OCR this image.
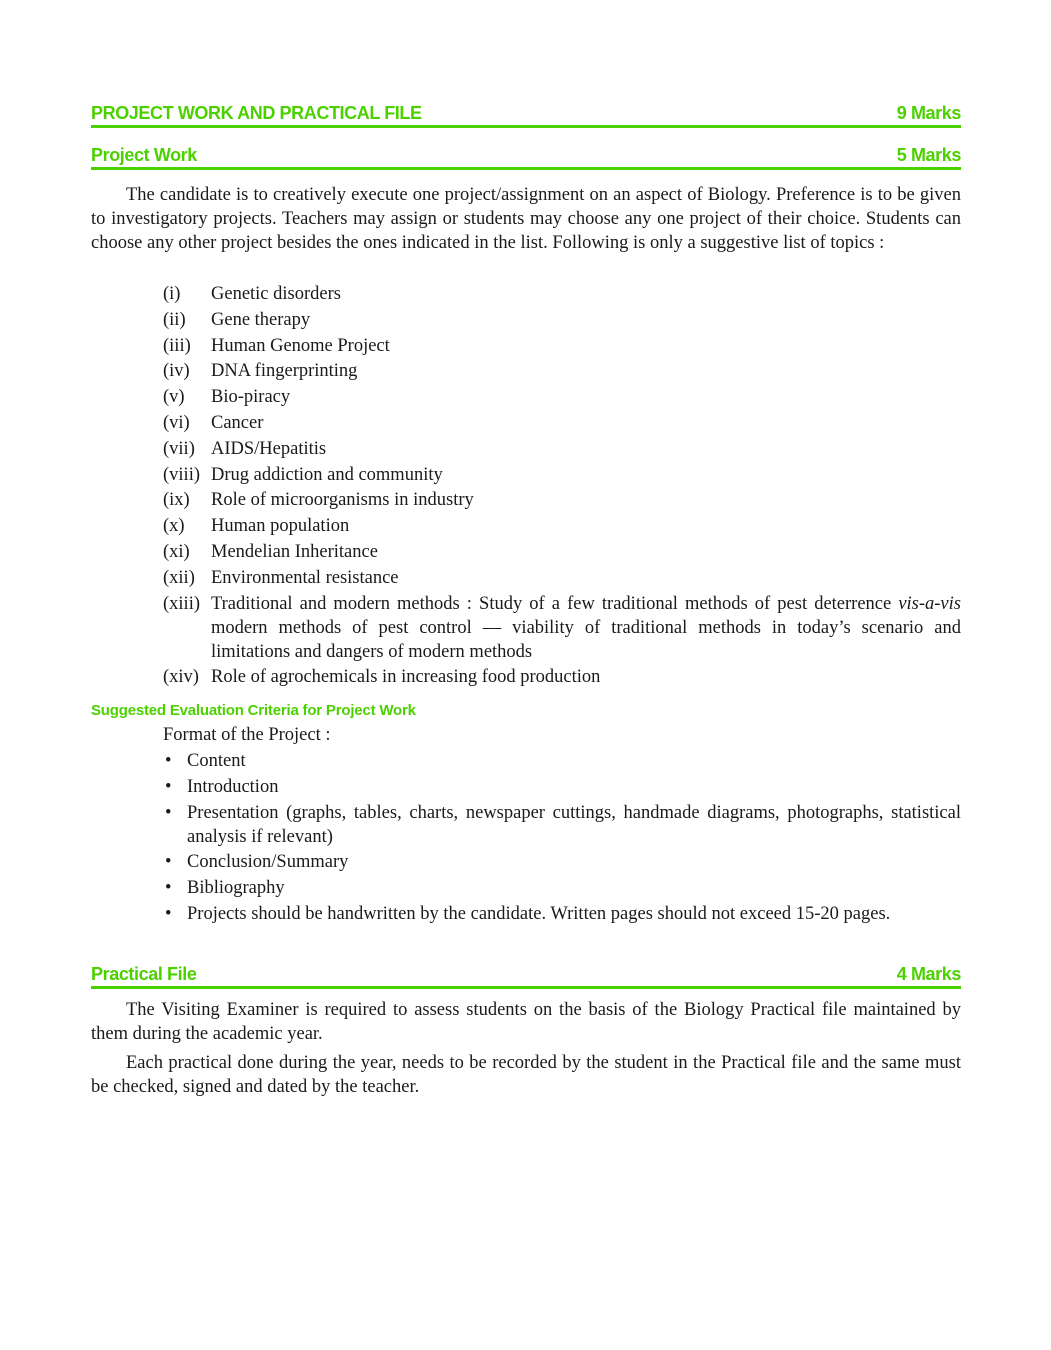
PROJECT WORK AND PRACTICAL FILE	9 Marks
Project Work	5 Marks

The candidate is to creatively execute one project/assignment on an aspect of Biology. Preference is to be given to investigatory projects. Teachers may assign or students may choose any one project of their choice. Students can choose any other project besides the ones indicated in the list. Following is only a suggestive list of topics :

(i) Genetic disorders
(ii) Gene therapy
(iii) Human Genome Project
(iv) DNA fingerprinting
(v) Bio-piracy
(vi) Cancer
(vii) AIDS/Hepatitis
(viii) Drug addiction and community
(ix) Role of microorganisms in industry
(x) Human population
(xi) Mendelian Inheritance
(xii) Environmental resistance
(xiii) Traditional and modern methods : Study of a few traditional methods of pest deterrence vis-a-vis modern methods of pest control — viability of traditional methods in today’s scenario and limitations and dangers of modern methods
(xiv) Role of agrochemicals in increasing food production
Suggested Evaluation Criteria for Project Work
Format of the Project :
• Content
• Introduction
• Presentation (graphs, tables, charts, newspaper cuttings, handmade diagrams, photographs, statistical analysis if relevant)
• Conclusion/Summary
• Bibliography
• Projects should be handwritten by the candidate. Written pages should not exceed 15-20 pages.
Practical File	4 Marks

The Visiting Examiner is required to assess students on the basis of the Biology Practical file maintained by them during the academic year.

Each practical done during the year, needs to be recorded by the student in the Practical file and the same must be checked, signed and dated by the teacher.
